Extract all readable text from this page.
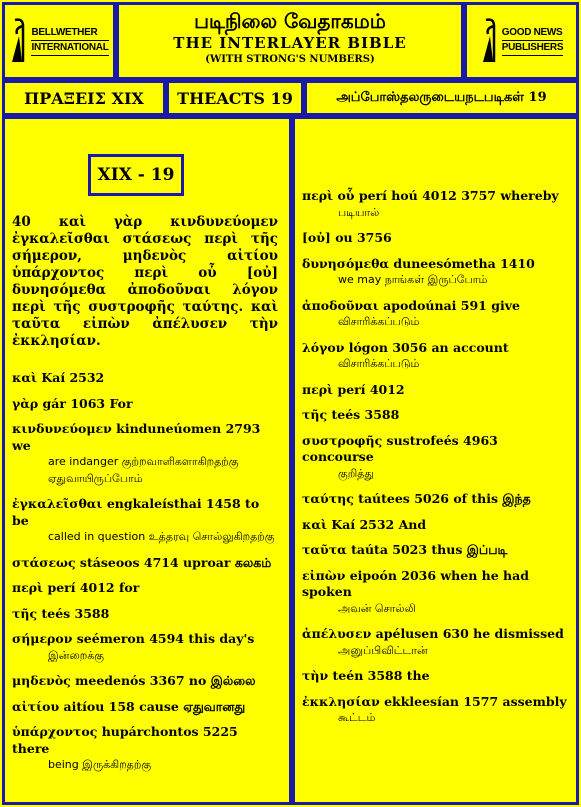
BELLWETHER
INTERNATIONAL
படிநிலை வேதாகமம்
THE INTERLAYER BIBLE
(WITH STRONG'S NUMBERS)
GOOD NEWS
PUBLISHERS
ΠΡΑΞΕΙΣ XIX	THEACTS 19	அப்போஸ்தலருடையநடபடிகள் 19
XIX - 19
40 καὶ γὰρ κινδυνεύομεν ἐγκαλεῖσθαι στάσεως περὶ τῆς σήμερον, μηδενὸς αἰτίου ὑπάρχοντος περὶ οὗ [οὐ] δυνησόμεθα ἀποδοῦναι λόγον περὶ τῆς συστροφῆς ταύτης. καὶ ταῦτα εἰπὼν ἀπέλυσεν τὴν ἐκκλησίαν.
καὶ Kaí 2532
γὰρ gár 1063 For
κινδυνεύομεν kinduneúomen 2793 we
are indanger குற்றவாளிகளாகிறதற்கு ஏதுவாயிருப்போம்
ἐγκαλεῖσθαι engkaleísthai 1458 to be
called in question உத்தரவு சொல்லுகிறதற்கு
στάσεως stáseoos 4714 uproar கலகம்
περὶ perí 4012 for
τῆς teés 3588
σήμερον seémeron 4594 this day's
இன்றைக்கு
μηδενὸς meedenós 3367 no இல்லை
αἰτίου aitíou 158 cause ஏதுவானது
ὑπάρχοντος hupárchontos 5225 there
being இருக்கிறதற்கு
περὶ οὗ perí hoú 4012 3757 whereby
படியால்
[οὐ] ou 3756
δυνησόμεθα duneesómetha 1410
we may நாங்கள் இருப்போம்
ἀποδοῦναι apodoúnai 591 give
விசாரிக்கப்படும்
λόγον lógon 3056 an account
விசாரிக்கப்படும்
περὶ perí 4012
τῆς teés 3588
συστροφῆς sustrofeés 4963 concourse
குறித்து
ταύτης taútees 5026 of this இந்த
καὶ Kaí 2532 And
ταῦτα taúta 5023 thus இப்படி
εἰπὼν eipoón 2036 when he had spoken
அவன் சொல்லி
ἀπέλυσεν apélusen 630 he dismissed
அனுப்பிவிட்டான்
τὴν teén 3588 the
ἐκκλησίαν ekkleesían 1577 assembly
கூட்டம்
